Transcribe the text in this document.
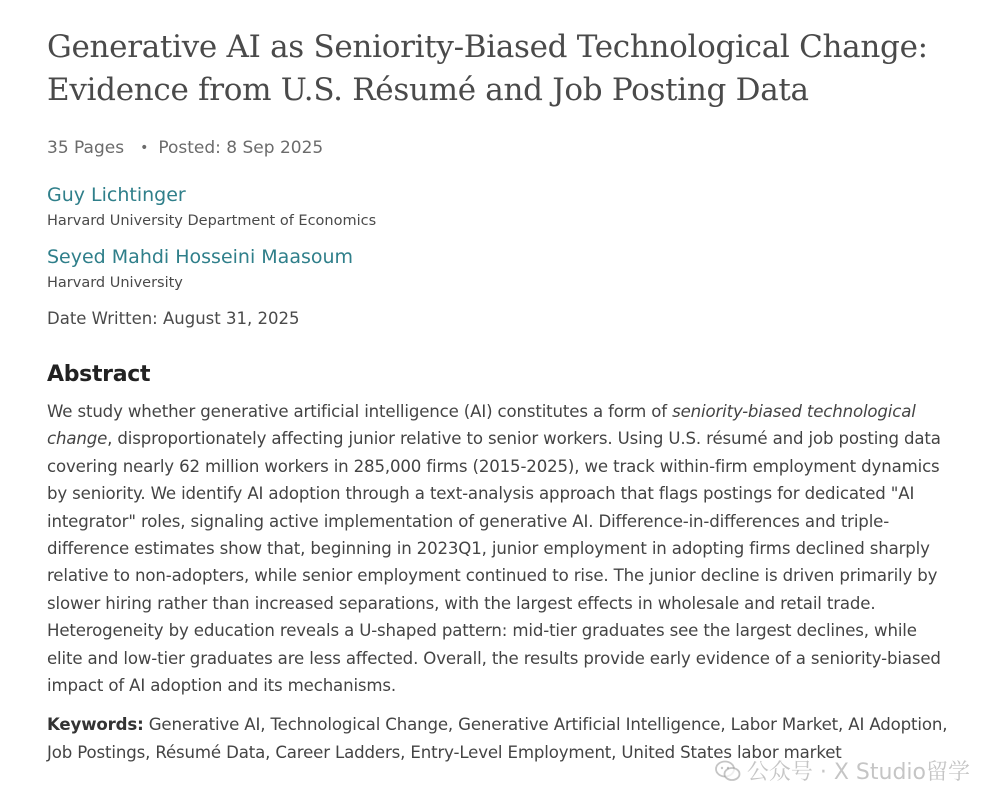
Generative AI as Seniority-Biased Technological Change: Evidence from U.S. Résumé and Job Posting Data
35 Pages • Posted: 8 Sep 2025
Guy Lichtinger
Harvard University Department of Economics
Seyed Mahdi Hosseini Maasoum
Harvard University
Date Written: August 31, 2025
Abstract
We study whether generative artificial intelligence (AI) constitutes a form of seniority-biased technological change, disproportionately affecting junior relative to senior workers. Using U.S. résumé and job posting data covering nearly 62 million workers in 285,000 firms (2015-2025), we track within-firm employment dynamics by seniority. We identify AI adoption through a text-analysis approach that flags postings for dedicated "AI integrator" roles, signaling active implementation of generative AI. Difference-in-differences and triple-difference estimates show that, beginning in 2023Q1, junior employment in adopting firms declined sharply relative to non-adopters, while senior employment continued to rise. The junior decline is driven primarily by slower hiring rather than increased separations, with the largest effects in wholesale and retail trade. Heterogeneity by education reveals a U-shaped pattern: mid-tier graduates see the largest declines, while elite and low-tier graduates are less affected. Overall, the results provide early evidence of a seniority-biased impact of AI adoption and its mechanisms.
Keywords: Generative AI, Technological Change, Generative Artificial Intelligence, Labor Market, AI Adoption, Job Postings, Résumé Data, Career Ladders, Entry-Level Employment, United States labor market
公众号 · X Studio留学
